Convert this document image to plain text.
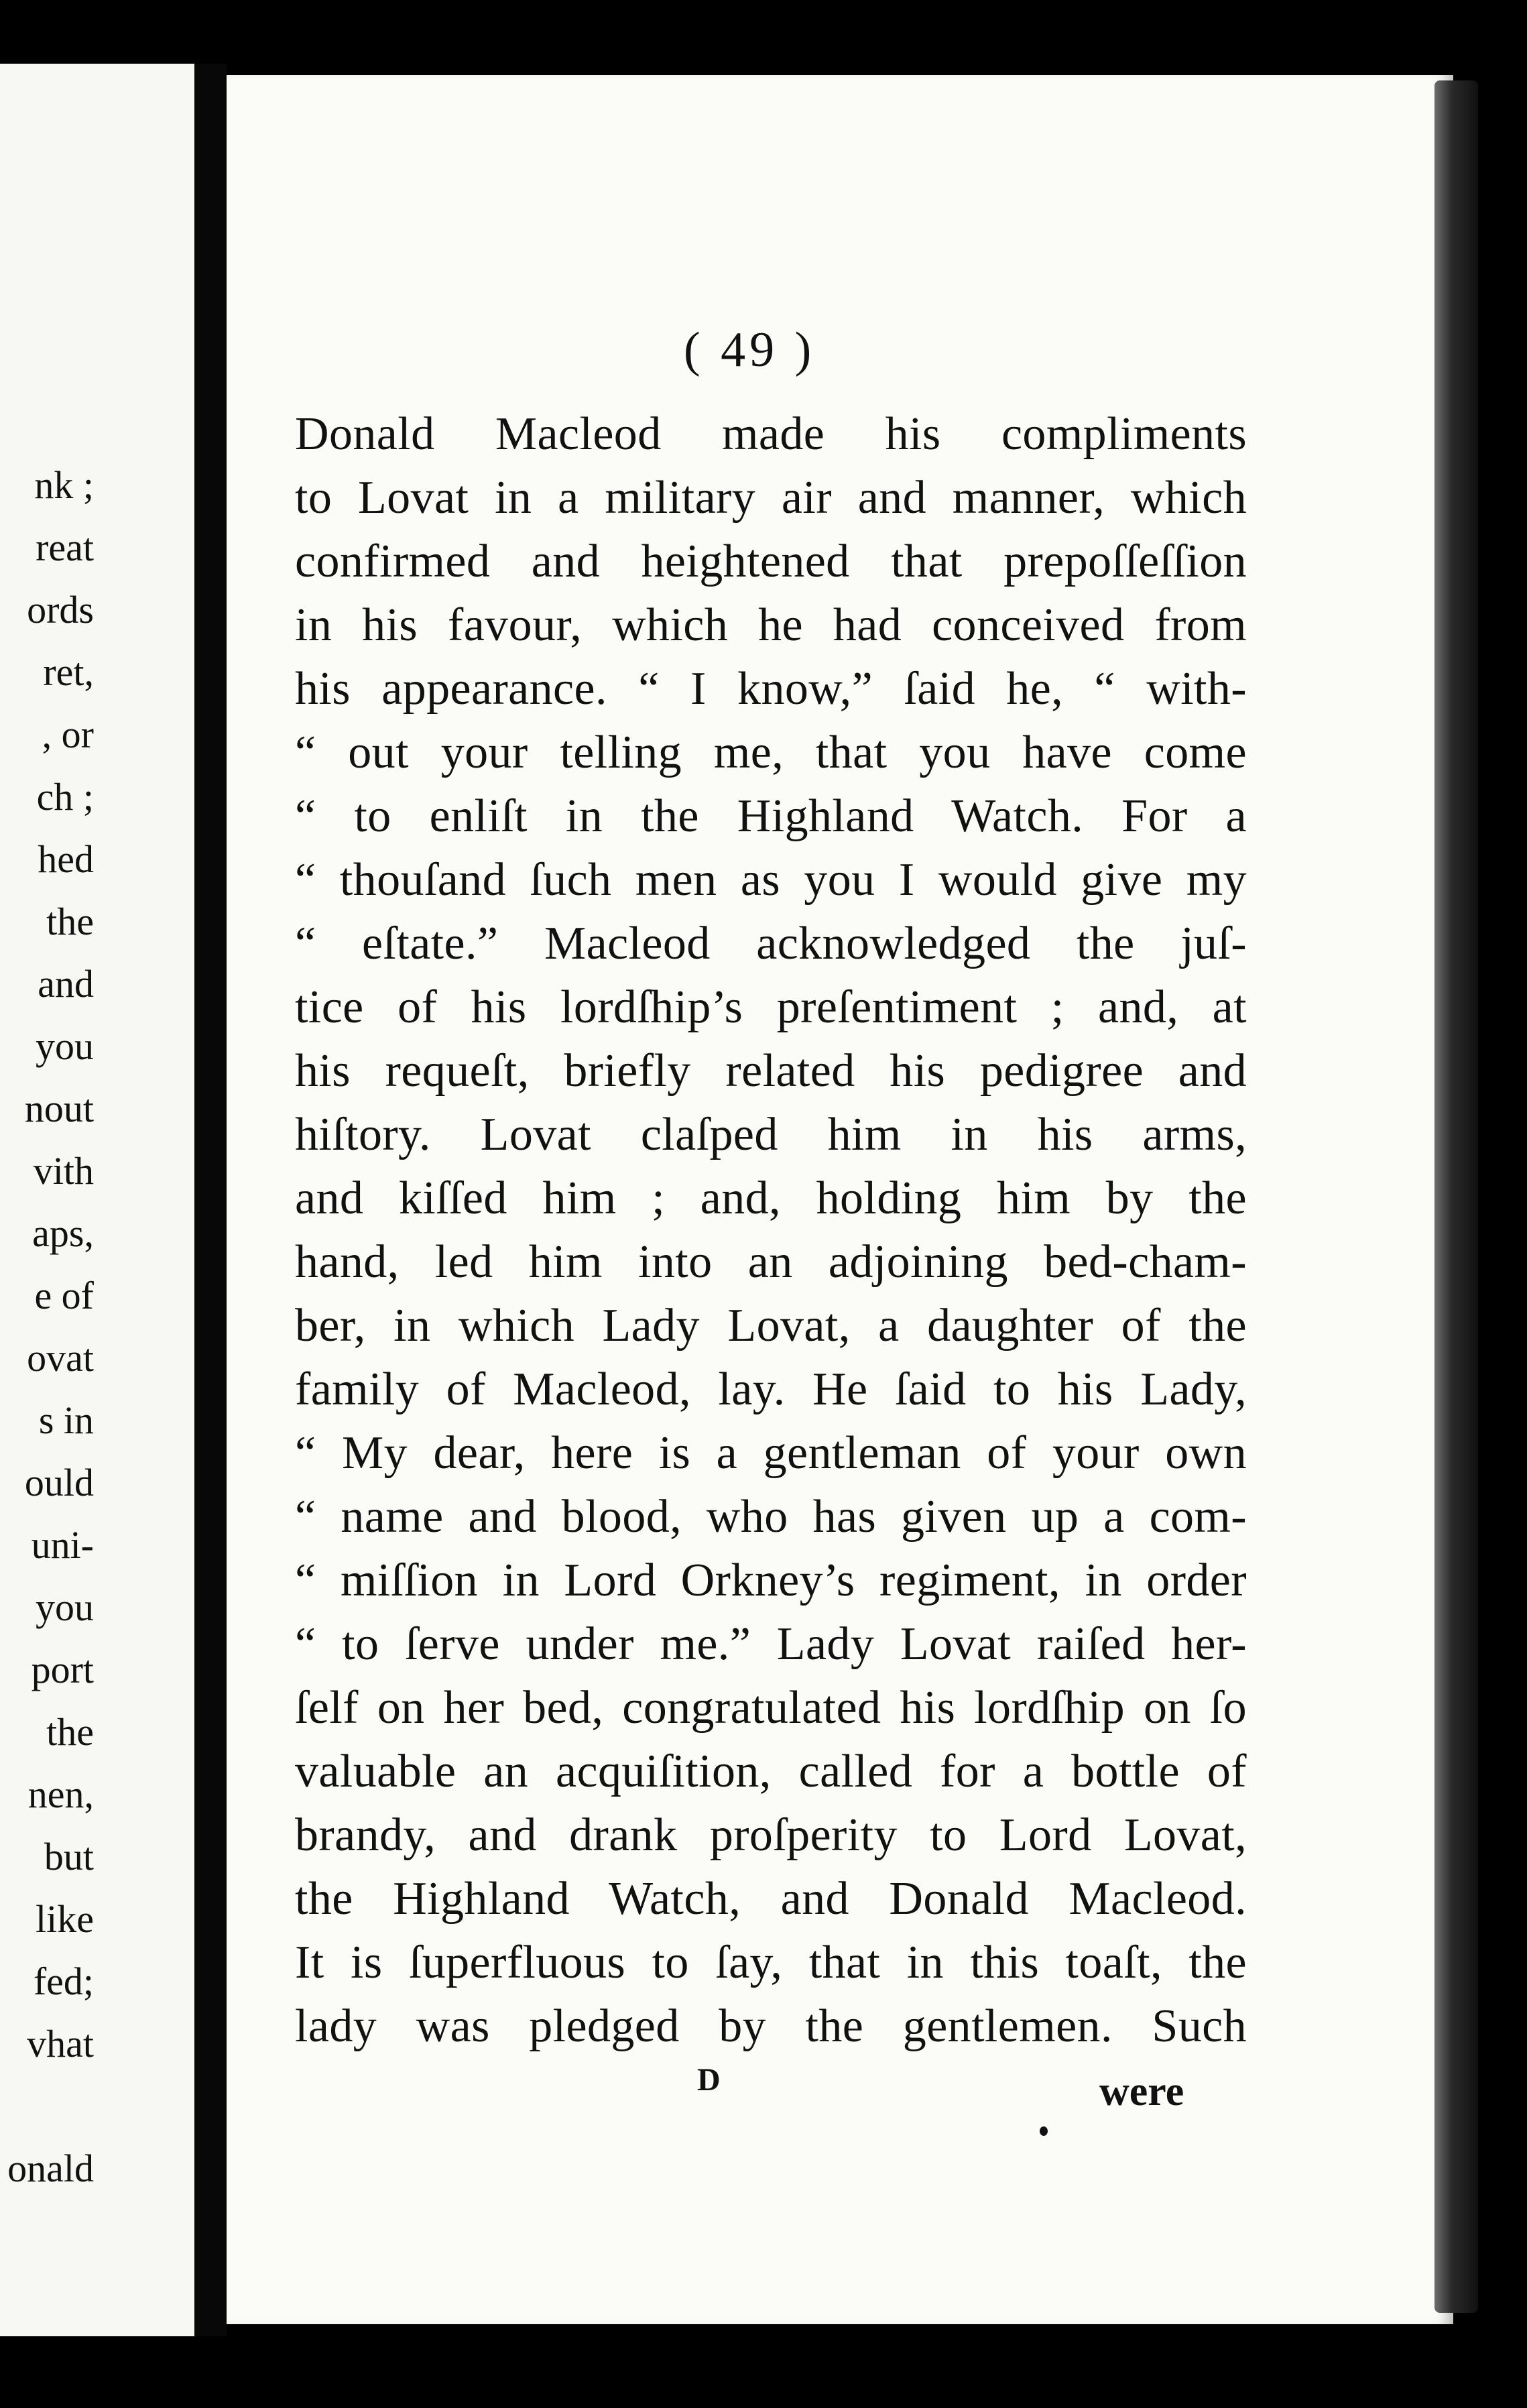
nk ;
reat
ords
ret,
, or
ch ;
hed
the
and
you
nout
vith
aps,
e of
ovat
s in
ould
uni-
you
port
the
nen,
but
like
fed;
vhat
onald
( 49 )
Donald Macleod made his compliments
to Lovat in a military air and manner, which
confirmed and heightened that prepoſſeſſion
in his favour, which he had conceived from
his appearance. “ I know,” ſaid he, “ with-
“ out your telling me, that you have come
“ to enliſt in the Highland Watch. For a
“ thouſand ſuch men as you I would give my
“ eſtate.” Macleod acknowledged the juſ-
tice of his lordſhip’s preſentiment ; and, at
his requeſt, briefly related his pedigree and
hiſtory. Lovat claſped him in his arms,
and kiſſed him ; and, holding him by the
hand, led him into an adjoining bed-cham-
ber, in which Lady Lovat, a daughter of the
family of Macleod, lay. He ſaid to his Lady,
“ My dear, here is a gentleman of your own
“ name and blood, who has given up a com-
“ miſſion in Lord Orkney’s regiment, in order
“ to ſerve under me.” Lady Lovat raiſed her-
ſelf on her bed, congratulated his lordſhip on ſo
valuable an acquiſition, called for a bottle of
brandy, and drank proſperity to Lord Lovat,
the Highland Watch, and Donald Macleod.
It is ſuperfluous to ſay, that in this toaſt, the
lady was pledged by the gentlemen. Such
D	were
